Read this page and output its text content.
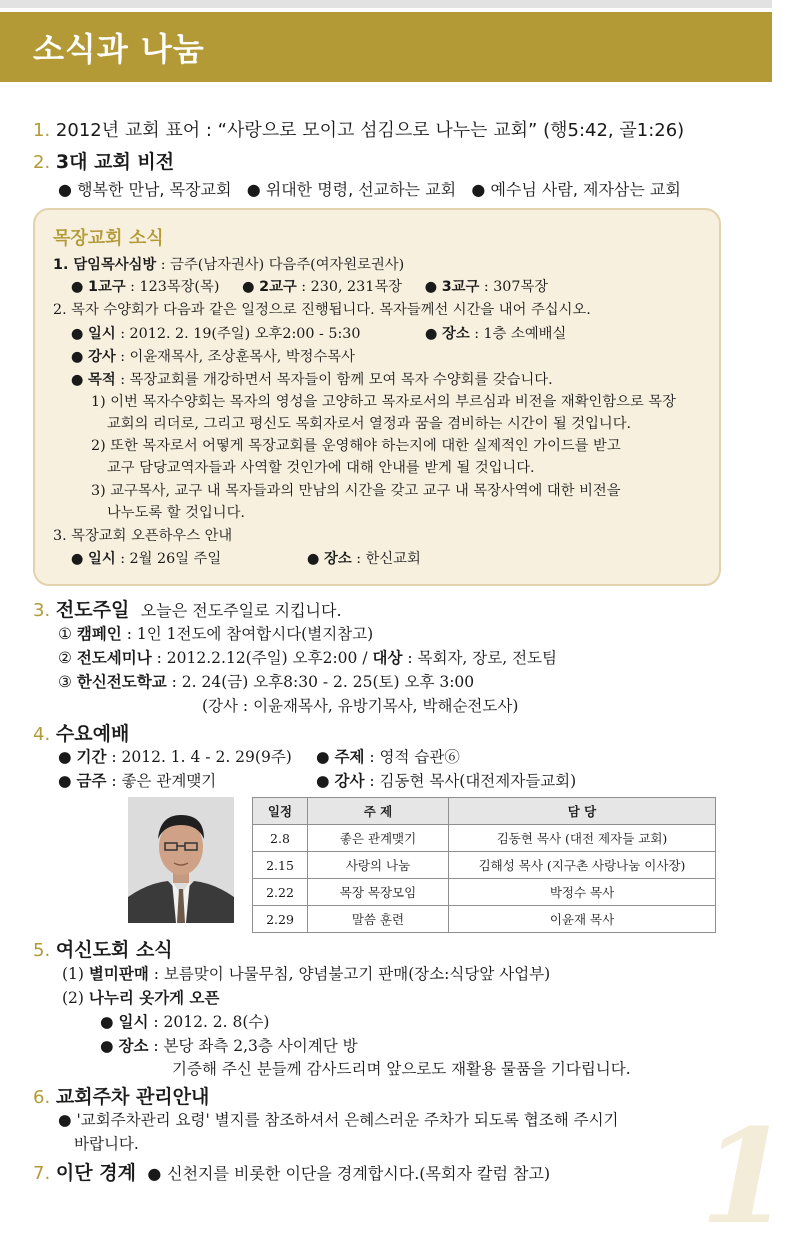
소식과 나눔
1. 2012년 교회 표어 : “사랑으로 모이고 섬김으로 나누는 교회” (행5:42, 골1:26)
2. 3대 교회 비전
● 행복한 만남, 목장교회 ● 위대한 명령, 선교하는 교회 ● 예수님 사람, 제자삼는 교회
목장교회 소식
1. 담임목사심방 : 금주(남자권사) 다음주(여자원로권사)
● 1교구 : 123목장(목) ● 2교구 : 230, 231목장 ● 3교구 : 307목장
2. 목자 수양회가 다음과 같은 일정으로 진행됩니다. 목자들께선 시간을 내어 주십시오.
● 일시 : 2012. 2. 19(주일) 오후2:00 - 5:30	● 장소 : 1층 소예배실
● 강사 : 이윤재목사, 조상훈목사, 박정수목사
● 목적 : 목장교회를 개강하면서 목자들이 함께 모여 목자 수양회를 갖습니다.
1) 이번 목자수양회는 목자의 영성을 고양하고 목자로서의 부르심과 비전을 재확인함으로 목장
교회의 리더로, 그리고 평신도 목회자로서 열정과 꿈을 겸비하는 시간이 될 것입니다.
2) 또한 목자로서 어떻게 목장교회를 운영해야 하는지에 대한 실제적인 가이드를 받고
교구 담당교역자들과 사역할 것인가에 대해 안내를 받게 될 것입니다.
3) 교구목사, 교구 내 목자들과의 만남의 시간을 갖고 교구 내 목장사역에 대한 비전을
나누도록 할 것입니다.
3. 목장교회 오픈하우스 안내
● 일시 : 2월 26일 주일	● 장소 : 한신교회
3. 전도주일 오늘은 전도주일로 지킵니다.
① 캠페인 : 1인 1전도에 참여합시다(별지참고)
② 전도세미나 : 2012.2.12(주일) 오후2:00 / 대상 : 목회자, 장로, 전도팀
③ 한신전도학교 : 2. 24(금) 오후8:30 - 2. 25(토) 오후 3:00
(강사 : 이윤재목사, 유방기목사, 박해순전도사)
4. 수요예배
● 기간 : 2012. 1. 4 - 2. 29(9주) ● 주제 : 영적 습관⑥
● 금주 : 좋은 관계맺기	● 강사 : 김동현 목사(대전제자들교회)
일정	주 제	담 당
2.8	좋은 관계맺기	김동현 목사 (대전 제자들 교회)
2.15	사랑의 나눔	김해성 목사 (지구촌 사랑나눔 이사장)
2.22	목장 목장모임	박정수 목사
2.29	말씀 훈련	이윤재 목사
5. 여신도회 소식
(1) 별미판매 : 보름맞이 나물무침, 양념불고기 판매(장소:식당앞 사업부)
(2) 나누리 옷가게 오픈
● 일시 : 2012. 2. 8(수)
● 장소 : 본당 좌측 2,3층 사이계단 방
기증해 주신 분들께 감사드리며 앞으로도 재활용 물품을 기다립니다.
6. 교회주차 관리안내
● '교회주차관리 요령' 별지를 참조하셔서 은혜스러운 주차가 되도록 협조해 주시기
바랍니다.
7. 이단 경계 ● 신천지를 비롯한 이단을 경계합시다.(목회자 칼럼 참고) 1
